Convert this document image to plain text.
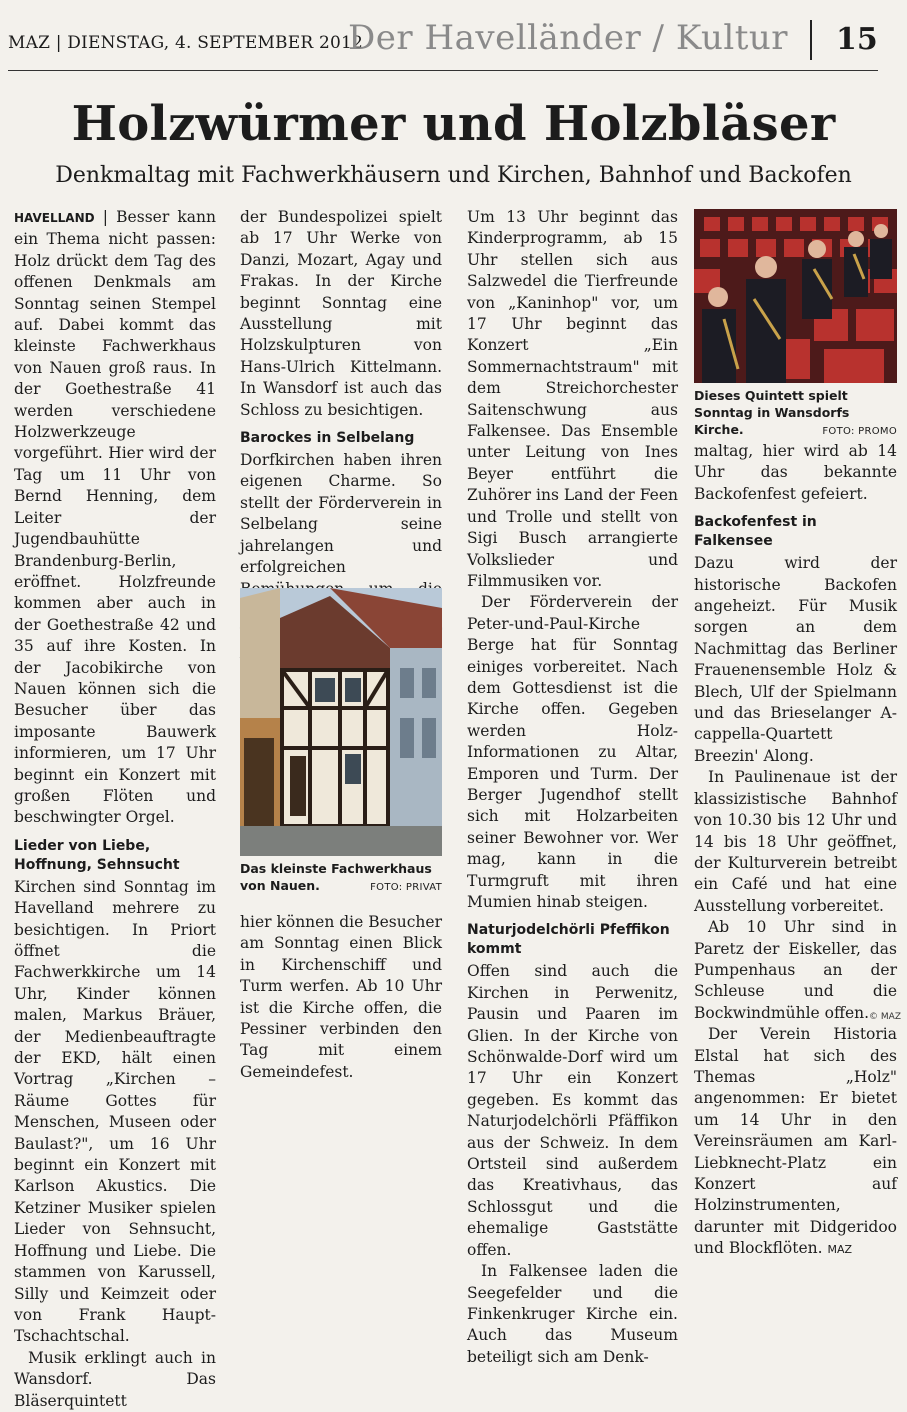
MAZ | DIENSTAG, 4. SEPTEMBER 2012
Der Havelländer / Kultur 15
Holzwürmer und Holzbläser
Denkmaltag mit Fachwerkhäusern und Kirchen, Bahnhof und Backofen

HAVELLAND | Besser kann ein Thema nicht passen: Holz drückt dem Tag des offenen Denkmals am Sonntag seinen Stempel auf. Dabei kommt das kleinste Fachwerkhaus von Nauen groß raus. In der Goethestraße 41 werden verschiedene Holzwerkzeuge vorgeführt. Hier wird der Tag um 11 Uhr von Bernd Henning, dem Leiter der Jugendbauhütte Brandenburg-Berlin, eröffnet. Holzfreunde kommen aber auch in der Goethestraße 42 und 35 auf ihre Kosten. In der Jacobikirche von Nauen können sich die Besucher über das imposante Bauwerk informieren, um 17 Uhr beginnt ein Konzert mit großen Flöten und beschwingter Orgel.

Lieder von Liebe, Hoffnung, Sehnsucht

Kirchen sind Sonntag im Havelland mehrere zu besichtigen. In Priort öffnet die Fachwerkkirche um 14 Uhr, Kinder können malen, Markus Bräuer, der Medienbeauftragte der EKD, hält einen Vortrag „Kirchen – Räume Gottes für Menschen, Museen oder Baulast?", um 16 Uhr beginnt ein Konzert mit Karlson Akustics. Die Ketziner Musiker spielen Lieder von Sehnsucht, Hoffnung und Liebe. Die stammen von Karussell, Silly und Keimzeit oder von Frank Haupt-Tschachtschal.

Musik erklingt auch in Wansdorf. Das Bläserquintett

der Bundespolizei spielt ab 17 Uhr Werke von Danzi, Mozart, Agay und Frakas. In der Kirche beginnt Sonntag eine Ausstellung mit Holzskulpturen von Hans-Ulrich Kittelmann. In Wansdorf ist auch das Schloss zu besichtigen.

Barockes in Selbelang

Dorfkirchen haben ihren eigenen Charme. So stellt der Förderverein in Selbelang seine jahrelangen und erfolgreichen

Das kleinste Fachwerkhaus von Nauen.	FOTO: PRIVAT

hier können die Besucher am Sonntag einen Blick in Kirchenschiff und Turm werfen. Ab 10 Uhr ist die Kirche offen, die Pessiner verbinden den Tag mit einem Gemeindefest.

Um 13 Uhr beginnt das Kinderprogramm, ab 15 Uhr stellen sich aus Salzwedel die Tierfreunde von „Kaninhop" vor, um 17 Uhr beginnt das Konzert „Ein Sommernachtstraum" mit dem Streichorchester Saitenschwung aus Falkensee. Das Ensemble unter Leitung von Ines Beyer entführt die Zuhörer ins Land der Feen und Trolle und stellt von Sigi Busch arrangierte Volkslieder und Filmmusiken vor.

Der Förderverein der Peter-und-Paul-Kirche Berge hat für Sonntag einiges vorbereitet. Nach dem Gottesdienst ist die Kirche offen. Gegeben werden Holz-Informationen zu Altar, Emporen und Turm. Der Berger Jugendhof stellt sich mit Holzarbeiten seiner Bewohner vor. Wer mag, kann in die Turmgruft mit ihren Mumien hinab steigen.

Naturjodelchörli Pfeffikon kommt

Offen sind auch die Kirchen in Perwenitz, Pausin und Paaren im Glien. In der Kirche von Schönwalde-Dorf wird um 17 Uhr ein Konzert gegeben. Es kommt das Naturjodelchörli Pfäffikon aus der Schweiz. In dem Ortsteil sind außerdem das Kreativhaus, das Schlossgut und die ehemalige Gaststätte offen.

In Falkensee laden die Seegefelder und die Finkenkruger Kirche ein. Auch das Museum beteiligt sich am Denk-

Dieses Quintett spielt Sonntag in Wansdorfs Kirche.	FOTO: PROMO

maltag, hier wird ab 14 Uhr das bekannte Backofenfest gefeiert.

Backofenfest in Falkensee

Dazu wird der historische Backofen angeheizt. Für Musik sorgen an dem Nachmittag das Berliner Frauenensemble Holz & Blech, Ulf der Spielmann und das Brieselanger A-cappella-Quartett Breezin' Along.

In Paulinenaue ist der klassizistische Bahnhof von 10.30 bis 12 Uhr und 14 bis 18 Uhr geöffnet, der Kulturverein betreibt ein Café und hat eine Ausstellung vorbereitet.

Ab 10 Uhr sind in Paretz der Eiskeller, das Pumpenhaus an der Schleuse und die Bockwindmühle offen.

Der Verein Historia Elstal hat sich des Themas „Holz" angenommen: Er bietet um 14 Uhr in den Vereinsräumen am Karl-Liebknecht-Platz ein Konzert auf Holzinstrumenten, darunter mit Didgeridoo und Blockflöten. MAZ

© MAZ
